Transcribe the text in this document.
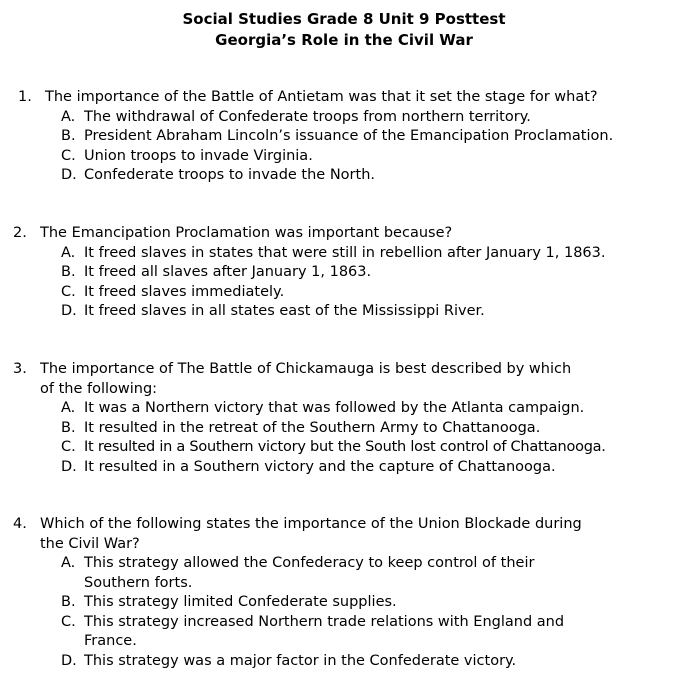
Social Studies Grade 8 Unit 9 Posttest
Georgia’s Role in the Civil War
1. The importance of the Battle of Antietam was that it set the stage for what?
A. The withdrawal of Confederate troops from northern territory.
B. President Abraham Lincoln’s issuance of the Emancipation Proclamation.
C. Union troops to invade Virginia.
D. Confederate troops to invade the North.
2. The Emancipation Proclamation was important because?
A. It freed slaves in states that were still in rebellion after January 1, 1863.
B. It freed all slaves after January 1, 1863.
C. It freed slaves immediately.
D. It freed slaves in all states east of the Mississippi River.
3. The importance of The Battle of Chickamauga is best described by which
of the following:
A. It was a Northern victory that was followed by the Atlanta campaign.
B. It resulted in the retreat of the Southern Army to Chattanooga.
C. It resulted in a Southern victory but the South lost control of Chattanooga.
D. It resulted in a Southern victory and the capture of Chattanooga.
4. Which of the following states the importance of the Union Blockade during
the Civil War?
A. This strategy allowed the Confederacy to keep control of their
Southern forts.
B. This strategy limited Confederate supplies.
C. This strategy increased Northern trade relations with England and
France.
D. This strategy was a major factor in the Confederate victory.
